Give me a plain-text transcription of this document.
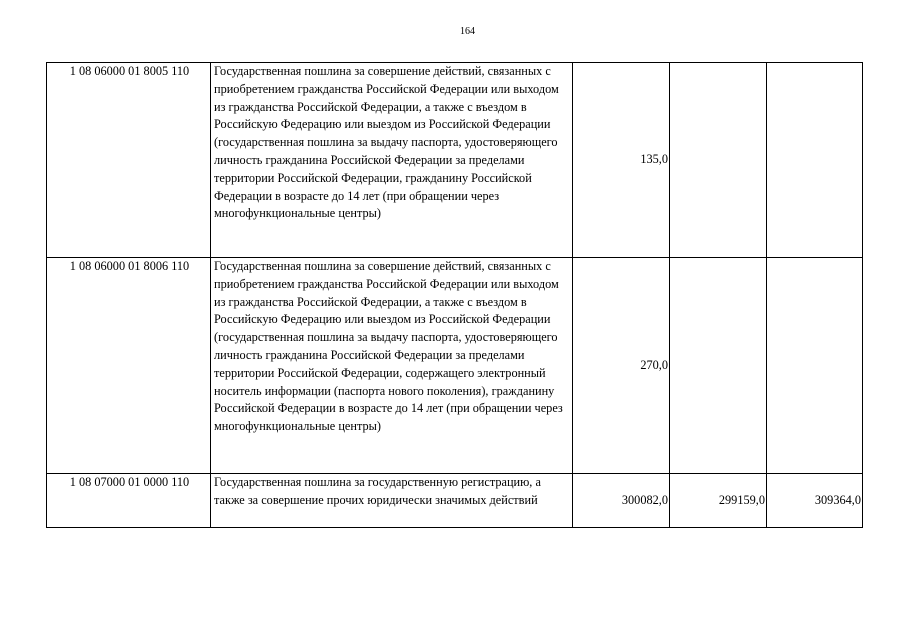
164
1 08 06000 01 8005 110	Государственная пошлина за совершение действий, связанных с приобретением гражданства Российской Федерации или выходом из гражданства Российской Федерации, а также с въездом в Российскую Федерацию или выездом из Российской Федерации (государственная пошлина за выдачу паспорта, удостоверяющего личность гражданина Российской Федерации за пределами территории Российской Федерации, гражданину Российской Федерации в возрасте до 14 лет (при обращении через многофункциональные центры)	135,0		
1 08 06000 01 8006 110	Государственная пошлина за совершение действий, связанных с приобретением гражданства Российской Федерации или выходом из гражданства Российской Федерации, а также с въездом в Российскую Федерацию или выездом из Российской Федерации (государственная пошлина за выдачу паспорта, удостоверяющего личность гражданина Российской Федерации за пределами территории Российской Федерации, содержащего электронный носитель информации (паспорта нового поколения), гражданину Российской Федерации в возрасте до 14 лет (при обращении через многофункциональные центры)	270,0		
1 08 07000 01 0000 110	Государственная пошлина за государственную регистрацию, а также за совершение прочих юридически значимых действий	300082,0	299159,0	309364,0
